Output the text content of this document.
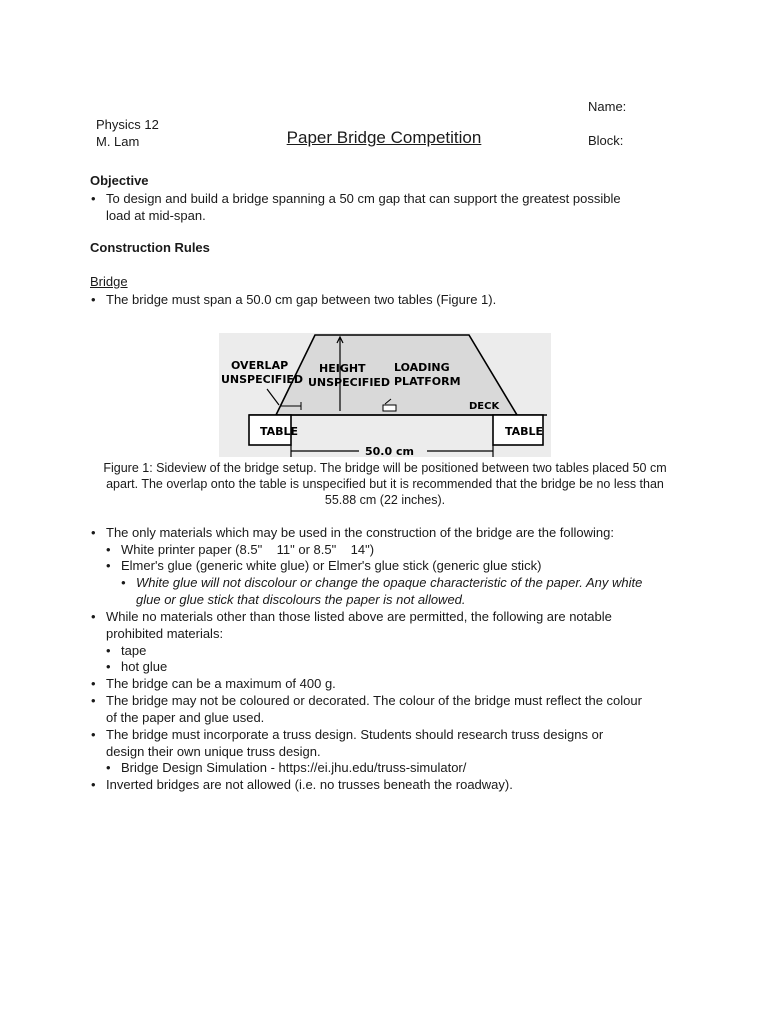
Physics 12
M. Lam	Paper Bridge Competition
Name:
Block:
Objective
• To design and build a bridge spanning a 50 cm gap that can support the greatest possible
load at mid-span.
Construction Rules
Bridge
• The bridge must span a 50.0 cm gap between two tables (Figure 1).
TABLE	TABLE
HEIGHT
UNSPECIFIED
LOADING
PLATFORM
DECK
OVERLAP
UNSPECIFIED
50.0 cm
Figure 1: Sideview of the bridge setup. The bridge will be positioned between two tables placed 50 cm
apart. The overlap onto the table is unspecified but it is recommended that the bridge be no less than
55.88 cm (22 inches).
• The only materials which may be used in the construction of the bridge are the following:
• White printer paper (8.5"    11" or 8.5"    14")
• Elmer's glue (generic white glue) or Elmer's glue stick (generic glue stick)
• White glue will not discolour or change the opaque characteristic of the paper. Any white
glue or glue stick that discolours the paper is not allowed.
• While no materials other than those listed above are permitted, the following are notable
prohibited materials:
• tape
• hot glue
• The bridge can be a maximum of 400 g.
• The bridge may not be coloured or decorated. The colour of the bridge must reflect the colour
of the paper and glue used.
• The bridge must incorporate a truss design. Students should research truss designs or
design their own unique truss design.
• Bridge Design Simulation - https://ei.jhu.edu/truss-simulator/
• Inverted bridges are not allowed (i.e. no trusses beneath the roadway).
